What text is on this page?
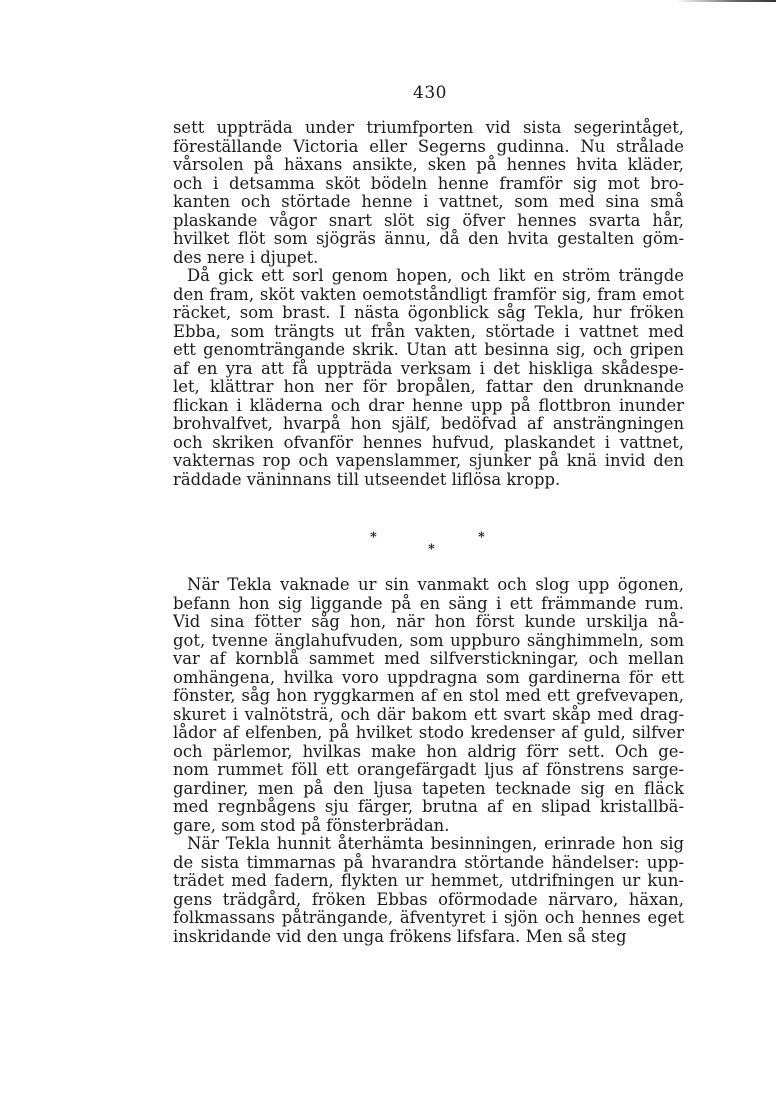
430
sett uppträda under triumfporten vid sista segerintåget,
föreställande Victoria eller Segerns gudinna. Nu strålade
vårsolen på häxans ansikte, sken på hennes hvita kläder,
och i detsamma sköt bödeln henne framför sig mot bro-
kanten och störtade henne i vattnet, som med sina små
plaskande vågor snart slöt sig öfver hennes svarta hår,
hvilket flöt som sjögräs ännu, då den hvita gestalten göm-
des nere i djupet.
Då gick ett sorl genom hopen, och likt en ström trängde
den fram, sköt vakten oemotståndligt framför sig, fram emot
räcket, som brast. I nästa ögonblick såg Tekla, hur fröken
Ebba, som trängts ut från vakten, störtade i vattnet med
ett genomträngande skrik. Utan att besinna sig, och gripen
af en yra att få uppträda verksam i det hiskliga skådespe-
let, klättrar hon ner för bropålen, fattar den drunknande
flickan i kläderna och drar henne upp på flottbron inunder
brohvalfvet, hvarpå hon själf, bedöfvad af ansträngningen
och skriken ofvanför hennes hufvud, plaskandet i vattnet,
vakternas rop och vapenslammer, sjunker på knä invid den
räddade väninnans till utseendet liflösa kropp.
*
*
*
När Tekla vaknade ur sin vanmakt och slog upp ögonen,
befann hon sig liggande på en säng i ett främmande rum.
Vid sina fötter såg hon, när hon först kunde urskilja nå-
got, tvenne änglahufvuden, som uppburo sänghimmeln, som
var af kornblå sammet med silfverstickningar, och mellan
omhängena, hvilka voro uppdragna som gardinerna för ett
fönster, såg hon ryggkarmen af en stol med ett grefvevapen,
skuret i valnötsträ, och där bakom ett svart skåp med drag-
lådor af elfenben, på hvilket stodo kredenser af guld, silfver
och pärlemor, hvilkas make hon aldrig förr sett. Och ge-
nom rummet föll ett orangefärgadt ljus af fönstrens sarge-
gardiner, men på den ljusa tapeten tecknade sig en fläck
med regnbågens sju färger, brutna af en slipad kristallbä-
gare, som stod på fönsterbrädan.
När Tekla hunnit återhämta besinningen, erinrade hon sig
de sista timmarnas på hvarandra störtande händelser: upp-
trädet med fadern, flykten ur hemmet, utdrifningen ur kun-
gens trädgård, fröken Ebbas oförmodade närvaro, häxan,
folkmassans påträngande, äfventyret i sjön och hennes eget
inskridande vid den unga frökens lifsfara. Men så steg
